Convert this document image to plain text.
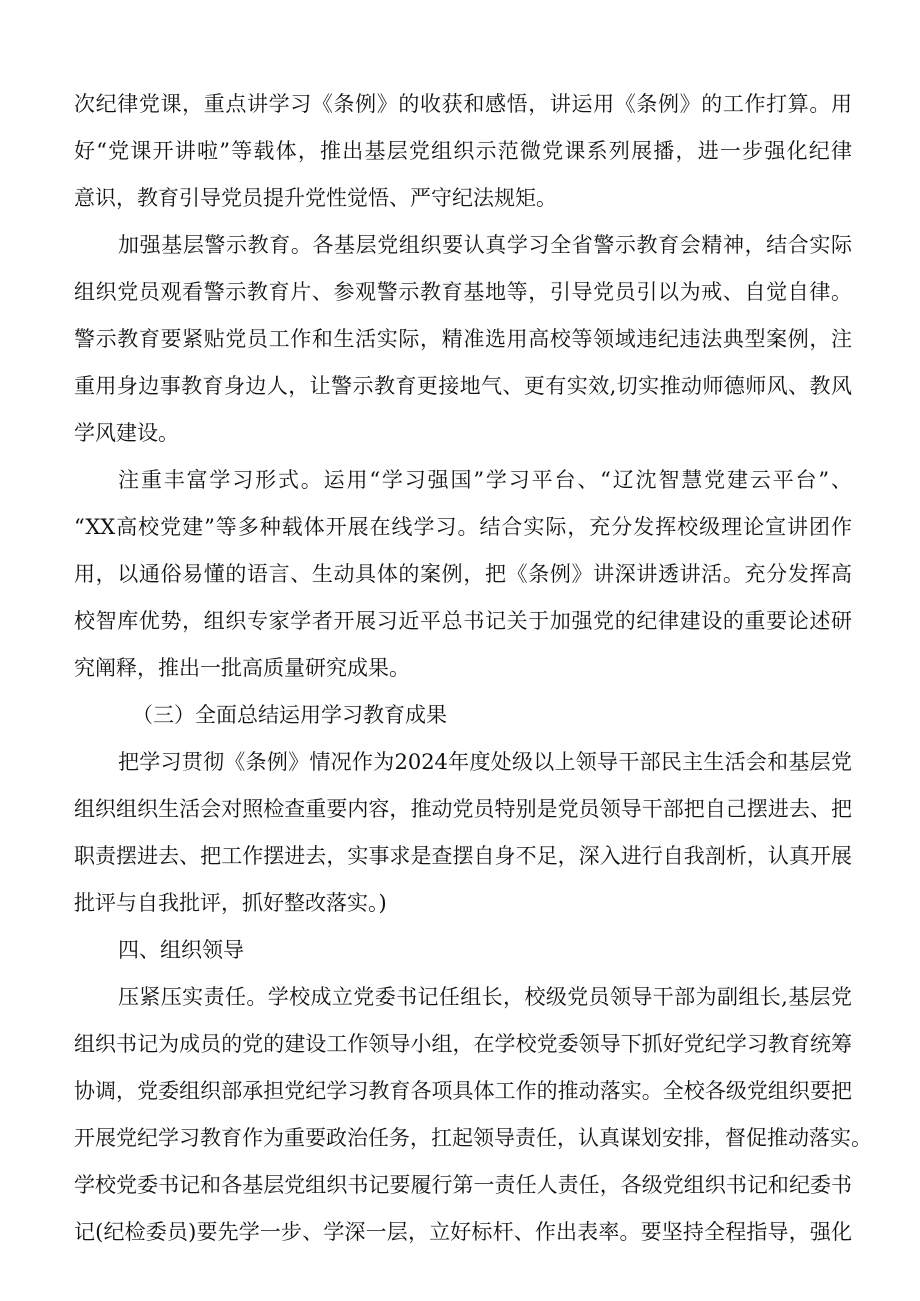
次纪律党课，重点讲学习《条例》的收获和感悟，讲运用《条例》的工作打算。用
好“党课开讲啦”等载体，推出基层党组织示范微党课系列展播，进一步强化纪律
意识，教育引导党员提升党性觉悟、严守纪法规矩。
加强基层警示教育。各基层党组织要认真学习全省警示教育会精神，结合实际
组织党员观看警示教育片、参观警示教育基地等，引导党员引以为戒、自觉自律。
警示教育要紧贴党员工作和生活实际，精准选用高校等领域违纪违法典型案例，注
重用身边事教育身边人，让警示教育更接地气、更有实效,切实推动师德师风、教风
学风建设。
注重丰富学习形式。运用“学习强国”学习平台、“辽沈智慧党建云平台”、
“XX高校党建”等多种载体开展在线学习。结合实际，充分发挥校级理论宣讲团作
用，以通俗易懂的语言、生动具体的案例，把《条例》讲深讲透讲活。充分发挥高
校智库优势，组织专家学者开展习近平总书记关于加强党的纪律建设的重要论述研
究阐释，推出一批高质量研究成果。
（三）全面总结运用学习教育成果
把学习贯彻《条例》情况作为2024年度处级以上领导干部民主生活会和基层党
组织组织生活会对照检查重要内容，推动党员特别是党员领导干部把自己摆进去、把
职责摆进去、把工作摆进去，实事求是查摆自身不足，深入进行自我剖析，认真开展
批评与自我批评，抓好整改落实。)
四、组织领导
压紧压实责任。学校成立党委书记任组长，校级党员领导干部为副组长,基层党
组织书记为成员的党的建设工作领导小组，在学校党委领导下抓好党纪学习教育统筹
协调，党委组织部承担党纪学习教育各项具体工作的推动落实。全校各级党组织要把
开展党纪学习教育作为重要政治任务，扛起领导责任，认真谋划安排，督促推动落实。
学校党委书记和各基层党组织书记要履行第一责任人责任，各级党组织书记和纪委书
记(纪检委员)要先学一步、学深一层，立好标杆、作出表率。要坚持全程指导，强化
